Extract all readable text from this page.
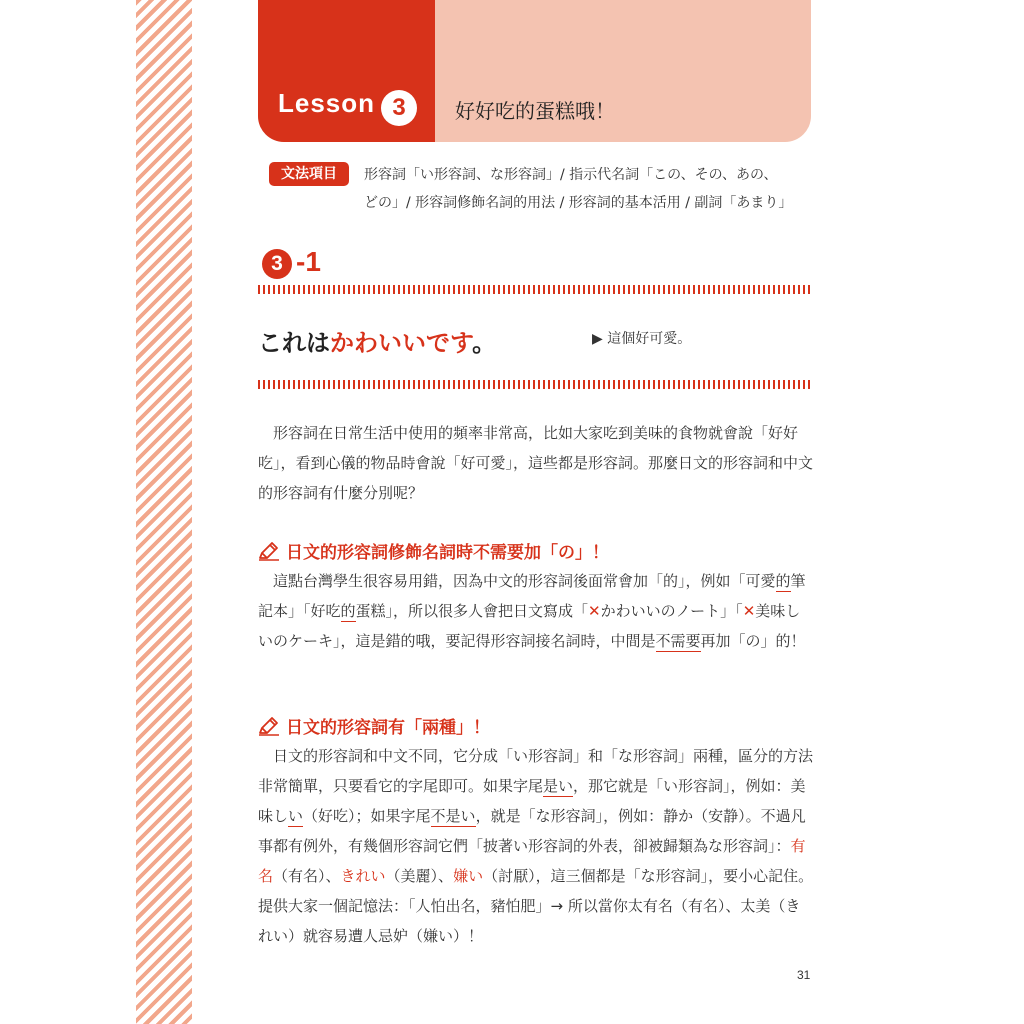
Lesson 3	好好吃的蛋糕哦！
文法項目	形容詞「い形容詞、な形容詞」/ 指示代名詞「この、その、あの、
どの」/ 形容詞修飾名詞的用法 / 形容詞的基本活用 / 副詞「あまり」
3 -1
これはかわいいです。	▶ 這個好可愛。
形容詞在日常生活中使用的頻率非常高，比如大家吃到美味的食物就會說「好好吃」，看到心儀的物品時會說「好可愛」，這些都是形容詞。那麼日文的形容詞和中文的形容詞有什麼分別呢？
日文的形容詞修飾名詞時不需要加「の」！
這點台灣學生很容易用錯，因為中文的形容詞後面常會加「的」，例如「可愛的筆記本」「好吃的蛋糕」，所以很多人會把日文寫成「✕かわいいのノート」「✕美味しいのケーキ」，這是錯的哦，要記得形容詞接名詞時，中間是不需要再加「の」的！
日文的形容詞有「兩種」！
日文的形容詞和中文不同，它分成「い形容詞」和「な形容詞」兩種，區分的方法非常簡單，只要看它的字尾即可。如果字尾是い，那它就是「い形容詞」，例如：美味しい（好吃）；如果字尾不是い，就是「な形容詞」，例如：静か（安静）。不過凡事都有例外，有幾個形容詞它們「披著い形容詞的外表，卻被歸類為な形容詞」：有名（有名）、きれい（美麗）、嫌い（討厭），這三個都是「な形容詞」，要小心記住。提供大家一個記憶法：「人怕出名，豬怕肥」→ 所以當你太有名（有名）、太美（きれい）就容易遭人忌妒（嫌い）！
31
